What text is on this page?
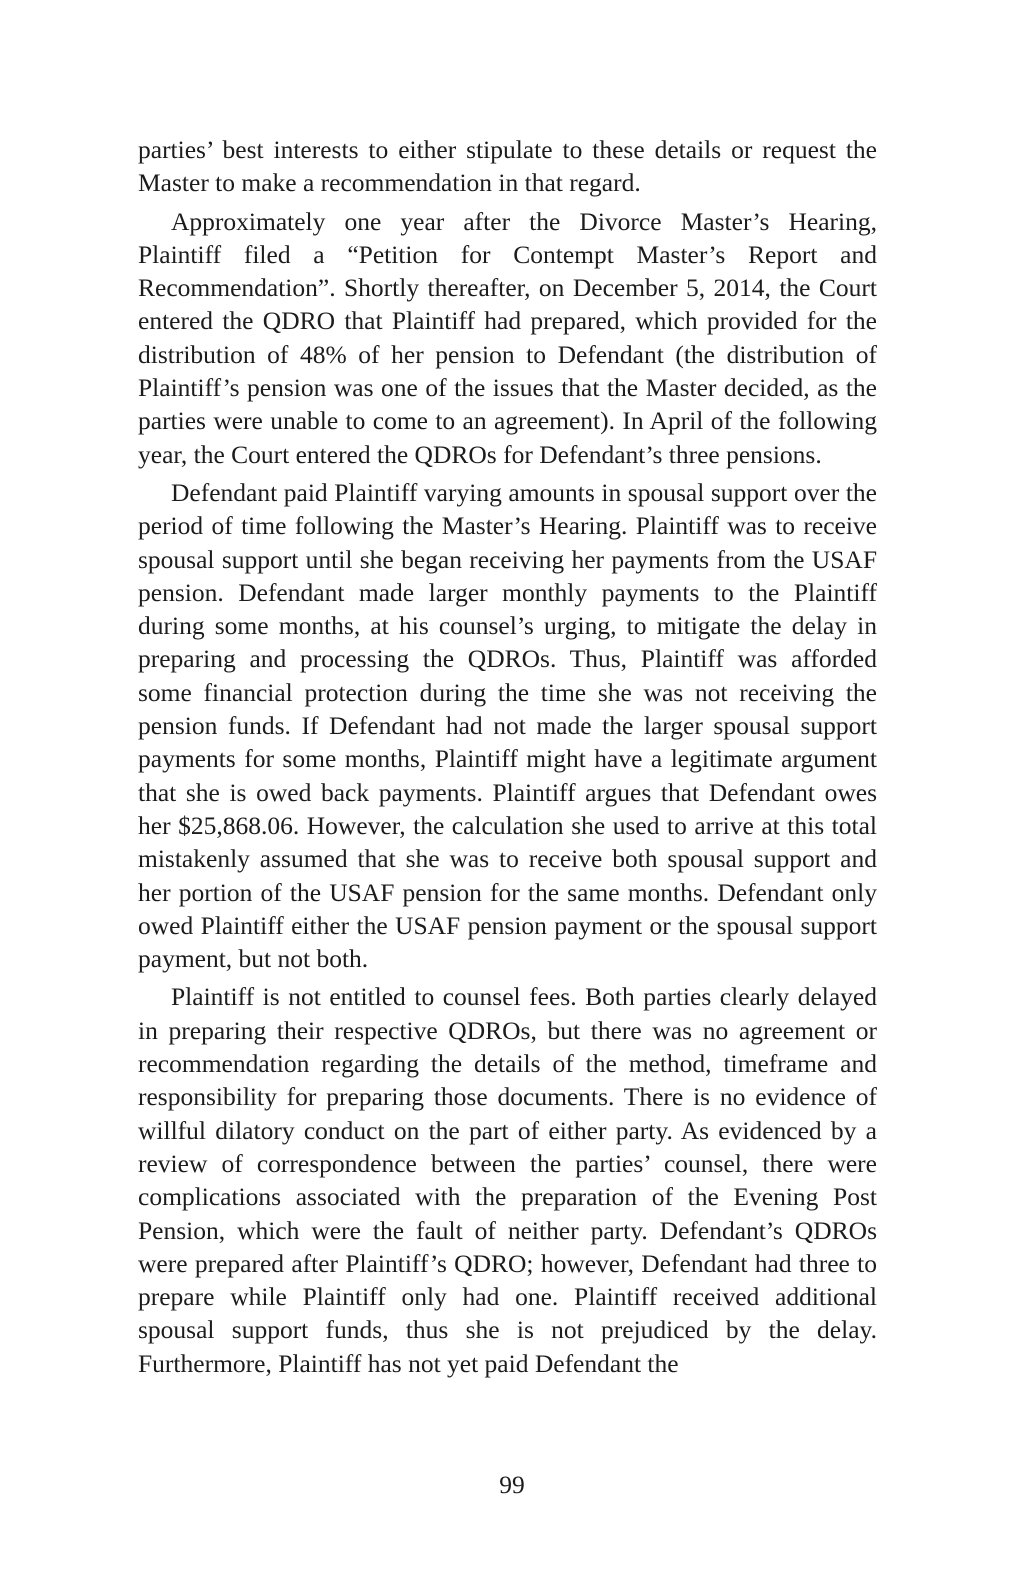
parties’ best interests to either stipulate to these details or request the Master to make a recommendation in that regard.

Approximately one year after the Divorce Master’s Hearing, Plaintiff filed a “Petition for Contempt Master’s Report and Recommendation”. Shortly thereafter, on December 5, 2014, the Court entered the QDRO that Plaintiff had prepared, which provided for the distribution of 48% of her pension to Defendant (the distribution of Plaintiff’s pension was one of the issues that the Master decided, as the parties were unable to come to an agreement). In April of the following year, the Court entered the QDROs for Defendant’s three pensions.

Defendant paid Plaintiff varying amounts in spousal support over the period of time following the Master’s Hearing. Plaintiff was to receive spousal support until she began receiving her payments from the USAF pension. Defendant made larger monthly payments to the Plaintiff during some months, at his counsel’s urging, to mitigate the delay in preparing and processing the QDROs. Thus, Plaintiff was afforded some financial protection during the time she was not receiving the pension funds. If Defendant had not made the larger spousal support payments for some months, Plaintiff might have a legitimate argument that she is owed back payments. Plaintiff argues that Defendant owes her $25,868.06. However, the calculation she used to arrive at this total mistakenly assumed that she was to receive both spousal support and her portion of the USAF pension for the same months. Defendant only owed Plaintiff either the USAF pension payment or the spousal support payment, but not both.

Plaintiff is not entitled to counsel fees. Both parties clearly delayed in preparing their respective QDROs, but there was no agreement or recommendation regarding the details of the method, timeframe and responsibility for preparing those documents. There is no evidence of willful dilatory conduct on the part of either party. As evidenced by a review of correspondence between the parties’ counsel, there were complications associated with the preparation of the Evening Post Pension, which were the fault of neither party. Defendant’s QDROs were prepared after Plaintiff’s QDRO; however, Defendant had three to prepare while Plaintiff only had one. Plaintiff received additional spousal support funds, thus she is not prejudiced by the delay. Furthermore, Plaintiff has not yet paid Defendant the

99
